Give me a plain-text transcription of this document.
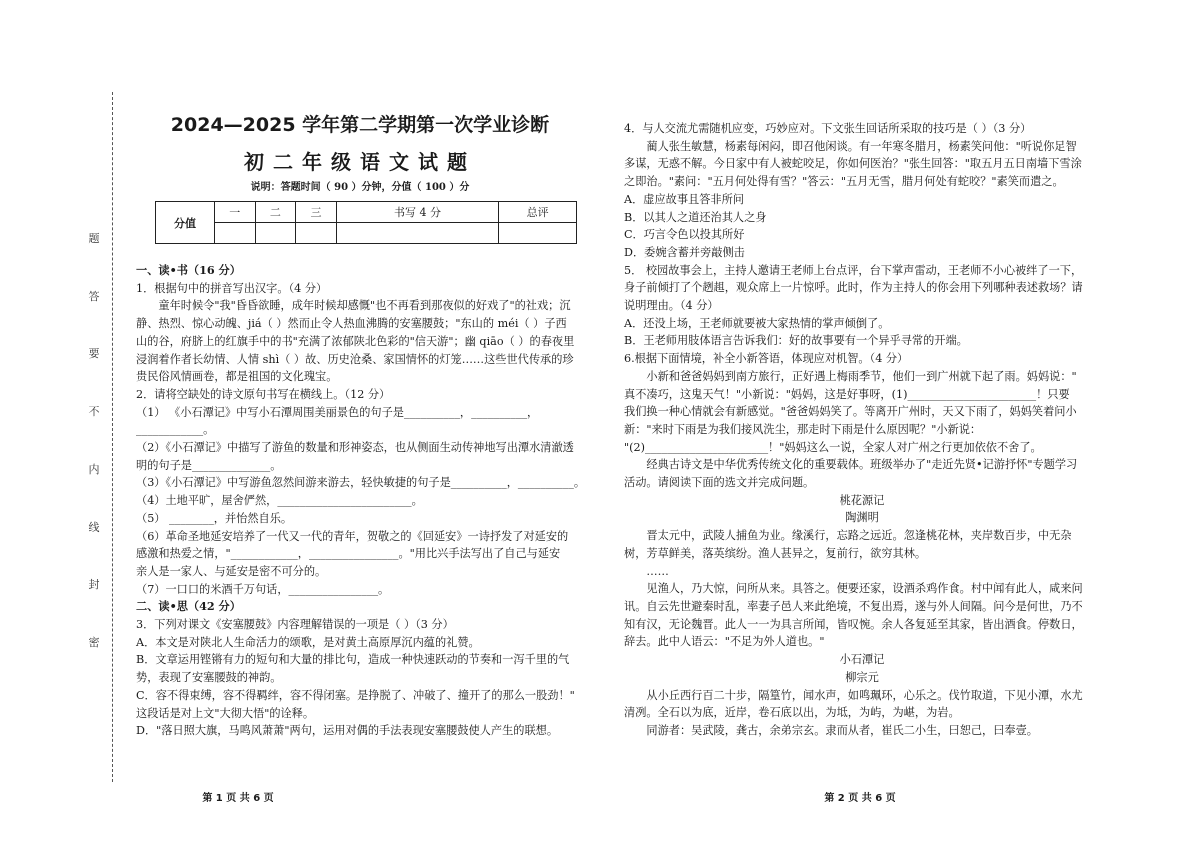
题
答
要
不
内
线
封
密
2024—2025 学年第二学期第一次学业诊断
初二年级语文试题
说明：答题时间（ 90 ）分钟，分值（ 100 ）分
分值	一	二	三	书写 4 分	总评

一、读•书（16 分）

1．根据句中的拼音写出汉字。（4 分）

童年时候令"我"昏昏欲睡，成年时候却感慨"也不再看到那夜似的好戏了"的社戏；沉

静、热烈、惊心动魄、jiá（ ）然而止令人热血沸腾的安塞腰鼓；"东山的 méi（ ）子西

山的谷，府脐上的红旗手中的书"充满了浓郁陕北色彩的"信天游"；幽 qiāo（ ）的春夜里

浸润着作者长幼情、人情 shì（ ）故、历史沧桑、家国情怀的灯笼……这些世代传承的珍

贵民俗风情画卷，都是祖国的文化瑰宝。

2．请将空缺处的诗文原句书写在横线上。（12 分）

（1） 《小石潭记》中写小石潭周围美丽景色的句子是__________，__________，

____________。

（2）《小石潭记》中描写了游鱼的数量和形神姿态，也从侧面生动传神地写出潭水清澈透

明的句子是______________。

（3）《小石潭记》中写游鱼忽然间游来游去，轻快敏捷的句子是__________，__________。

（4）土地平旷，屋舍俨然，________________________。

（5） ________，并怡然自乐。

（6）革命圣地延安培养了一代又一代的青年，贺敬之的《回延安》一诗抒发了对延安的

感激和热爱之情，"____________，________________。"用比兴手法写出了自己与延安

亲人是一家人、与延安是密不可分的。

（7）一口口的米酒千万句话，________________。

二、读•思（42 分）

3．下列对课文《安塞腰鼓》内容理解错误的一项是（ ）（3 分）

A．本文是对陕北人生命活力的颂歌，是对黄土高原厚沉内蕴的礼赞。

B．文章运用铿锵有力的短句和大量的排比句，造成一种快速跃动的节奏和一泻千里的气

势，表现了安塞腰鼓的神韵。

C．容不得束缚，容不得羁绊，容不得闭塞。是挣脱了、冲破了、撞开了的那么一股劲！"

这段话是对上文"大彻大悟"的诠释。

D．"落日照大旗，马鸣风萧萧"两句，运用对偶的手法表现安塞腰鼓使人产生的联想。

第 1 页 共 6 页

4．与人交流尤需随机应变，巧妙应对。下文张生回话所采取的技巧是（ ）（3 分）

蔺人张生敏慧，杨素每闲闷，即召他闲谈。有一年寒冬腊月，杨素笑问他："听说你足智

多谋，无惑不解。今日家中有人被蛇咬足，你如何医治？"张生回答："取五月五日南墙下雪涂

之即治。"素问："五月何处得有雪？"答云："五月无雪，腊月何处有蛇咬？"素笑而遣之。

A．虚应故事且答非所问

B．以其人之道还治其人之身

C．巧言令色以投其所好

D．委婉含蓄并旁敲侧击

5． 校园故事会上，主持人邀请王老师上台点评，台下掌声雷动，王老师不小心被绊了一下，

身子前倾打了个趔趄，观众席上一片惊呼。此时，作为主持人的你会用下列哪种表述救场？请

说明理由。（4 分）

A．还没上场，王老师就要被大家热情的掌声倾倒了。

B．王老师用肢体语言告诉我们：好的故事要有一个异乎寻常的开端。

6.根据下面情境，补全小新答语，体现应对机智。（4 分）

小新和爸爸妈妈到南方旅行，正好遇上梅雨季节，他们一到广州就下起了雨。妈妈说："

真不凑巧，这鬼天气！"小新说："妈妈，这是好事呀，(1)_______________________！只要

我们换一种心情就会有新感觉。"爸爸妈妈笑了。等离开广州时，天又下雨了，妈妈笑着问小

新："来时下雨是为我们接风洗尘，那走时下雨是什么原因呢？"小新说：

"(2)______________________！"妈妈这么一说，全家人对广州之行更加依依不舍了。

经典古诗文是中华优秀传统文化的重要载体。班级举办了"走近先贤•记游抒怀"专题学习

活动。请阅读下面的选文并完成问题。

桃花源记

陶渊明

晋太元中，武陵人捕鱼为业。缘溪行，忘路之远近。忽逢桃花林，夹岸数百步，中无杂

树，芳草鲜美，落英缤纷。渔人甚异之，复前行，欲穷其林。

……

见渔人，乃大惊，问所从来。具答之。便要还家，设酒杀鸡作食。村中闻有此人，咸来问

讯。自云先世避秦时乱，率妻子邑人来此绝境，不复出焉，遂与外人间隔。问今是何世，乃不

知有汉，无论魏晋。此人一一为具言所闻，皆叹惋。余人各复延至其家，皆出酒食。停数日，

辞去。此中人语云："不足为外人道也。"

小石潭记

柳宗元

从小丘西行百二十步，隔篁竹，闻水声，如鸣珮环，心乐之。伐竹取道，下见小潭，水尤

清冽。全石以为底，近岸，卷石底以出，为坻，为屿，为嵁，为岩。

同游者：吴武陵，龚古，余弟宗玄。隶而从者，崔氏二小生，曰恕己，曰奉壹。

第 2 页 共 6 页
